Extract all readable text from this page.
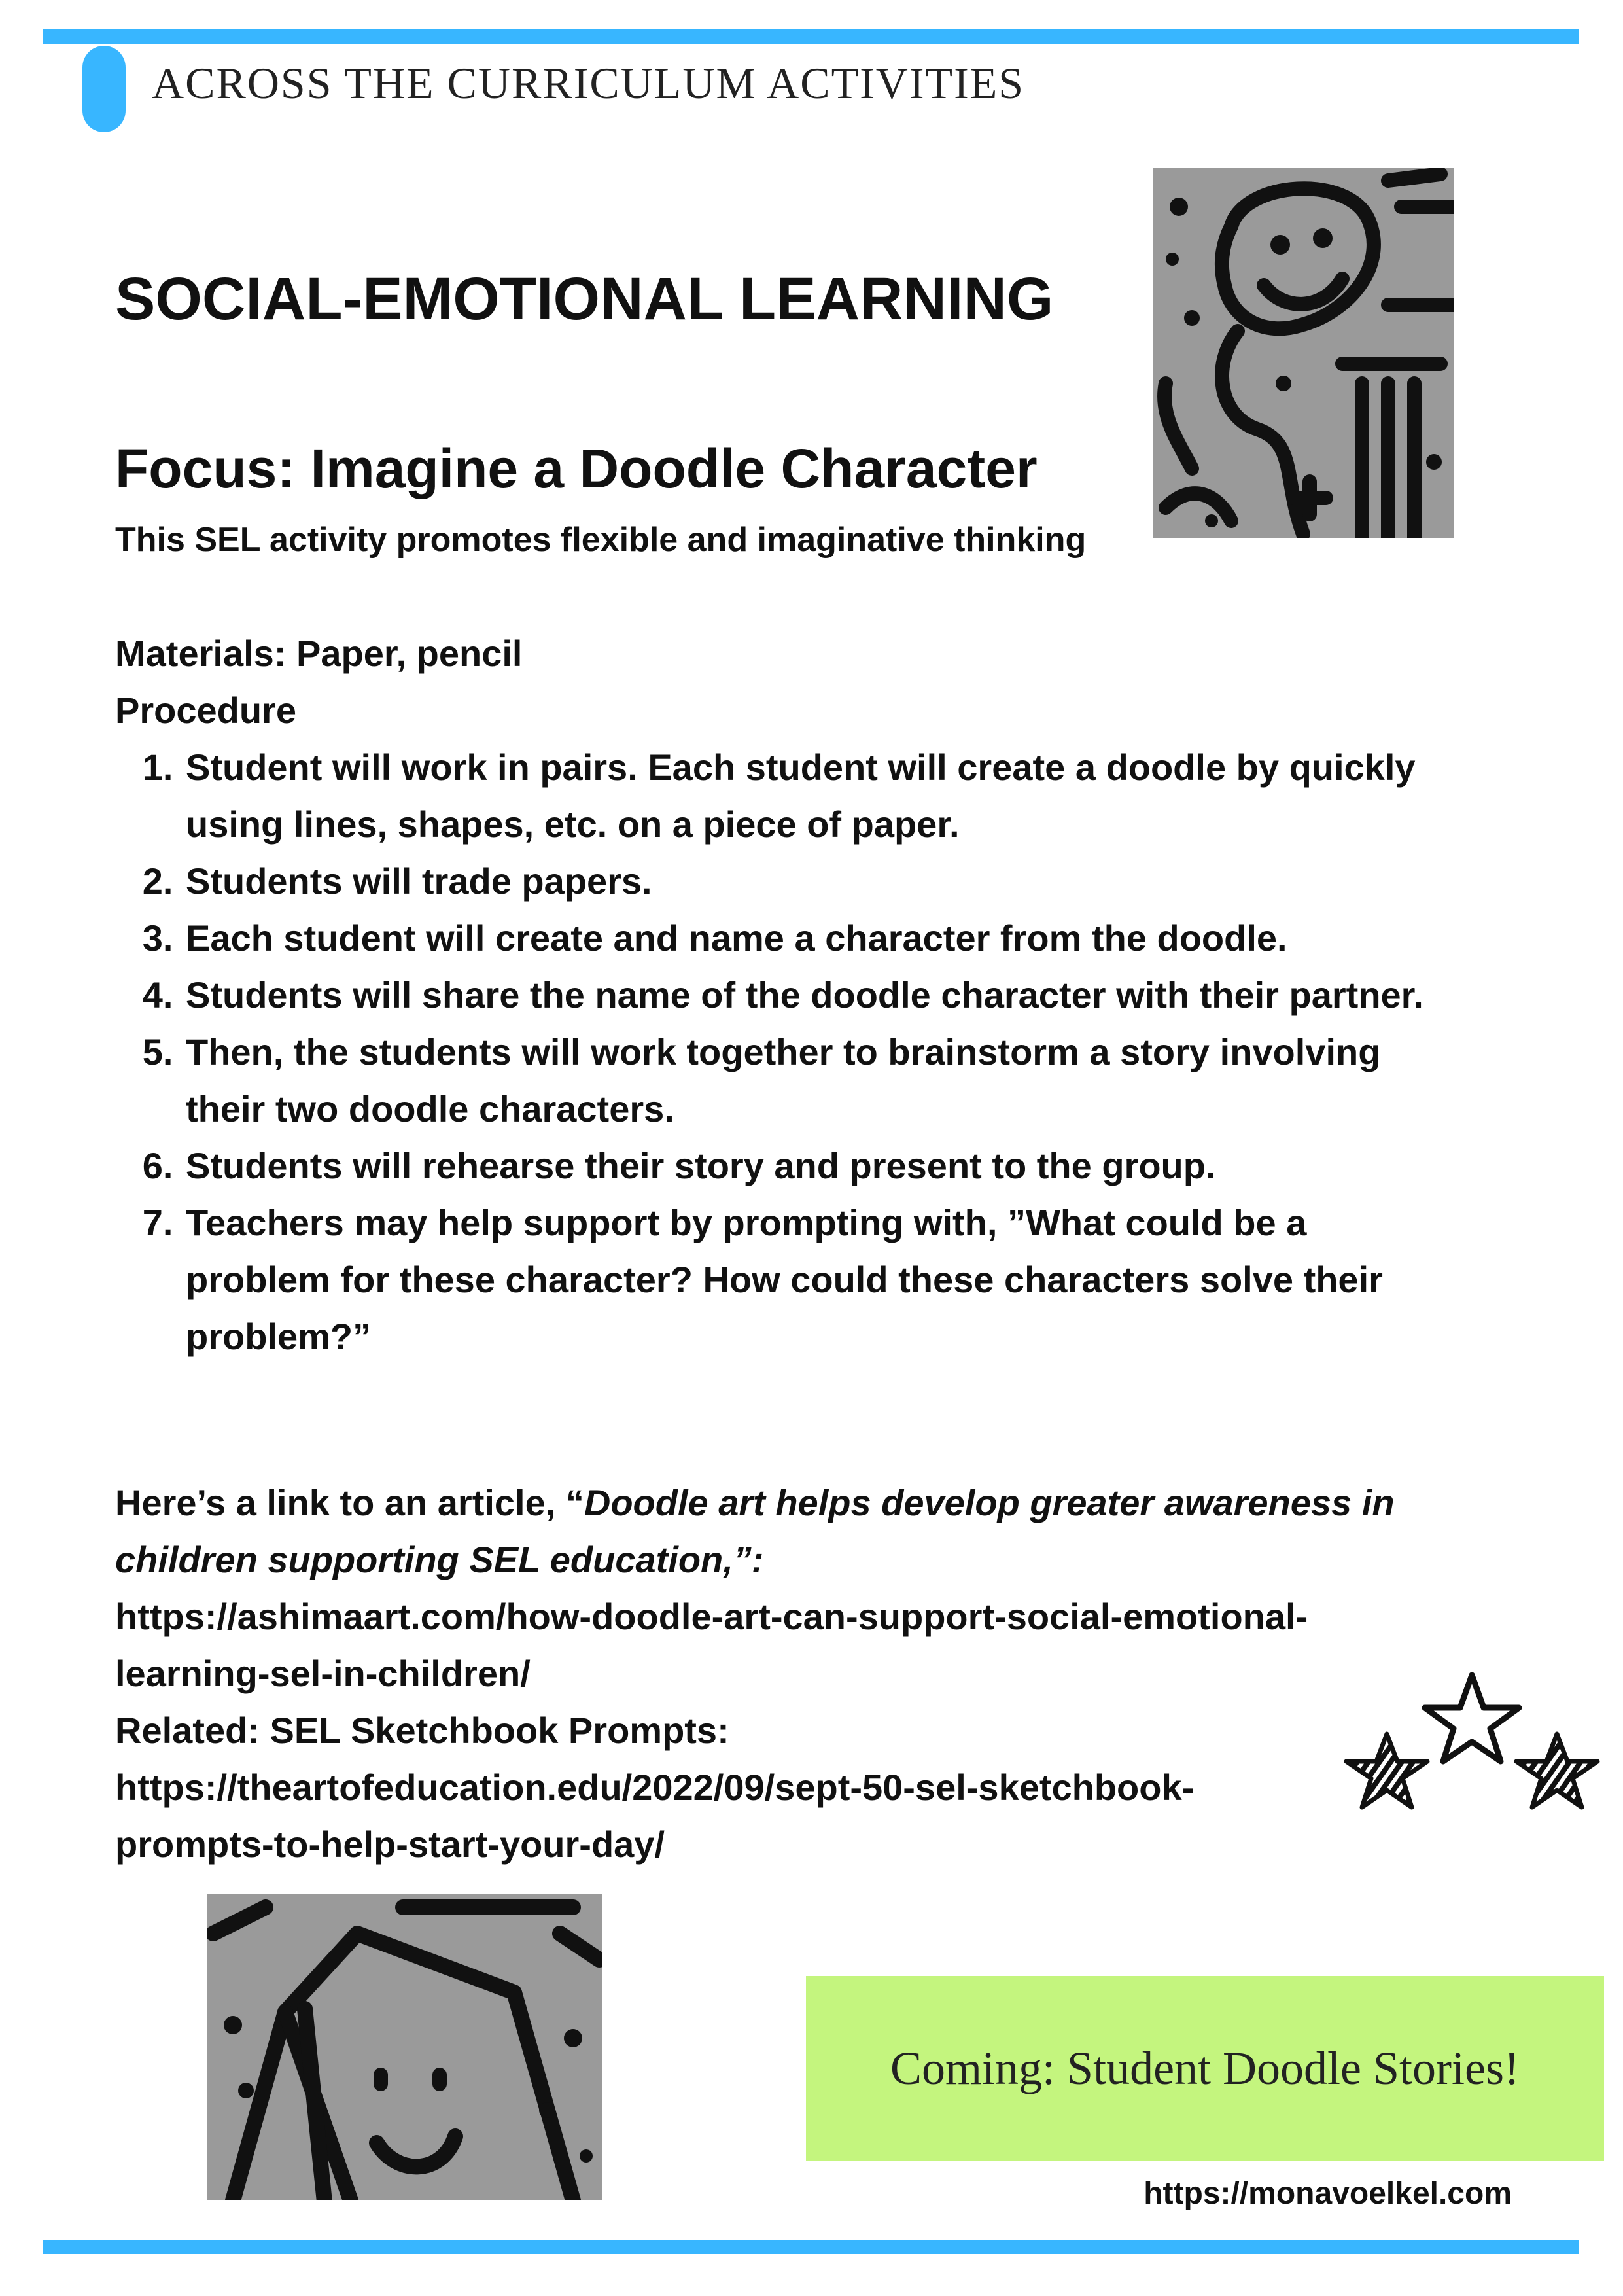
ACROSS THE CURRICULUM ACTIVITIES
SOCIAL-EMOTIONAL LEARNING
Focus: Imagine a Doodle Character

This SEL activity promotes flexible and imaginative thinking

Materials: Paper, pencil

Procedure

1. Student will work in pairs. Each student will create a doodle by quickly using lines, shapes, etc. on a piece of paper.
2. Students will trade papers.
3. Each student will create and name a character from the doodle.
4. Students will share the name of the doodle character with their partner.
5. Then, the students will work together to brainstorm a story involving their two doodle characters.
6. Students will rehearse their story and present to the group.
7. Teachers may help support by prompting with, ”What could be a problem for these character? How could these characters solve their problem?”
Here’s a link to an article, “Doodle art helps develop greater awareness in
children supporting SEL education,”:
https://ashimaart.com/how-doodle-art-can-support-social-emotional-
learning-sel-in-children/
Related: SEL Sketchbook Prompts:
https://theartofeducation.edu/2022/09/sept-50-sel-sketchbook-
prompts-to-help-start-your-day/
Coming: Student Doodle Stories!
https://monavoelkel.com
